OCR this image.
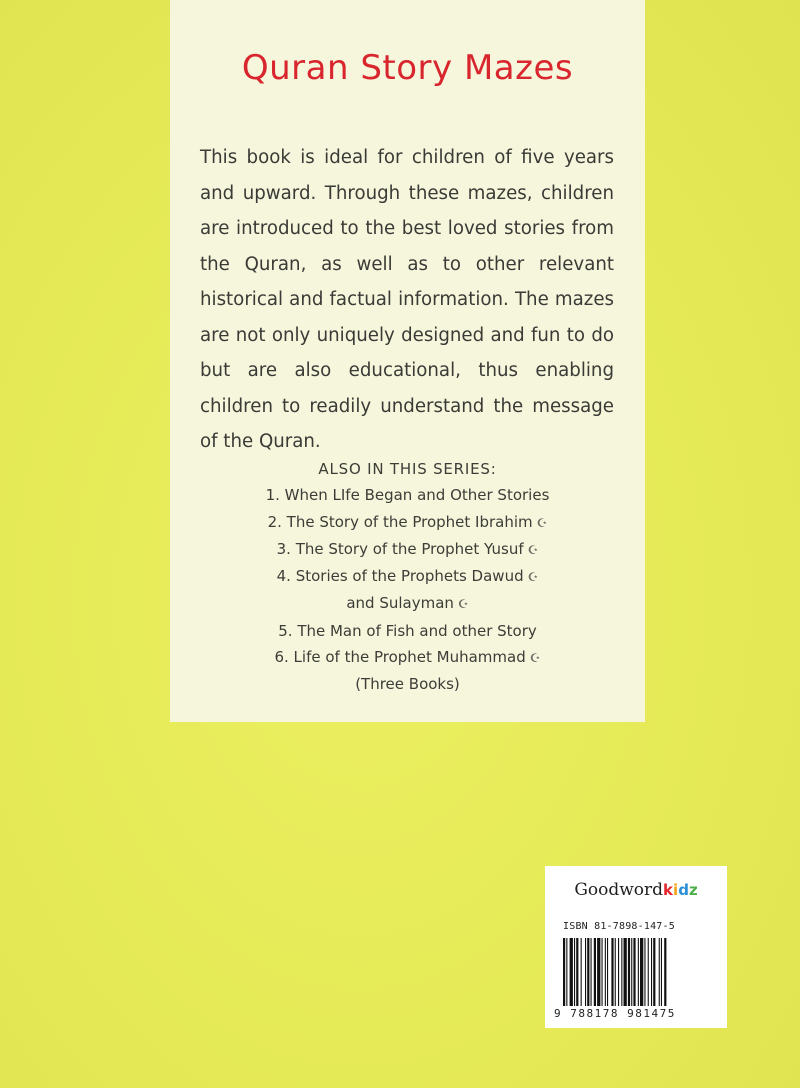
Quran Story Mazes
This book is ideal for children of five years and upward. Through these mazes, children are introduced to the best loved stories from the Quran, as well as to other relevant historical and factual information. The mazes are not only uniquely designed and fun to do but are also educational, thus enabling children to readily understand the message of the Quran.
ALSO IN THIS SERIES:
1. When LIfe Began and Other Stories
2. The Story of the Prophet Ibrahim ☪
3. The Story of the Prophet Yusuf ☪
4. Stories of the Prophets Dawud ☪
and Sulayman ☪
5. The Man of Fish and other Story
6. Life of the Prophet Muhammad ☪
(Three Books)
Goodwordkidz
ISBN 81-7898-147-5
9 788178 981475
